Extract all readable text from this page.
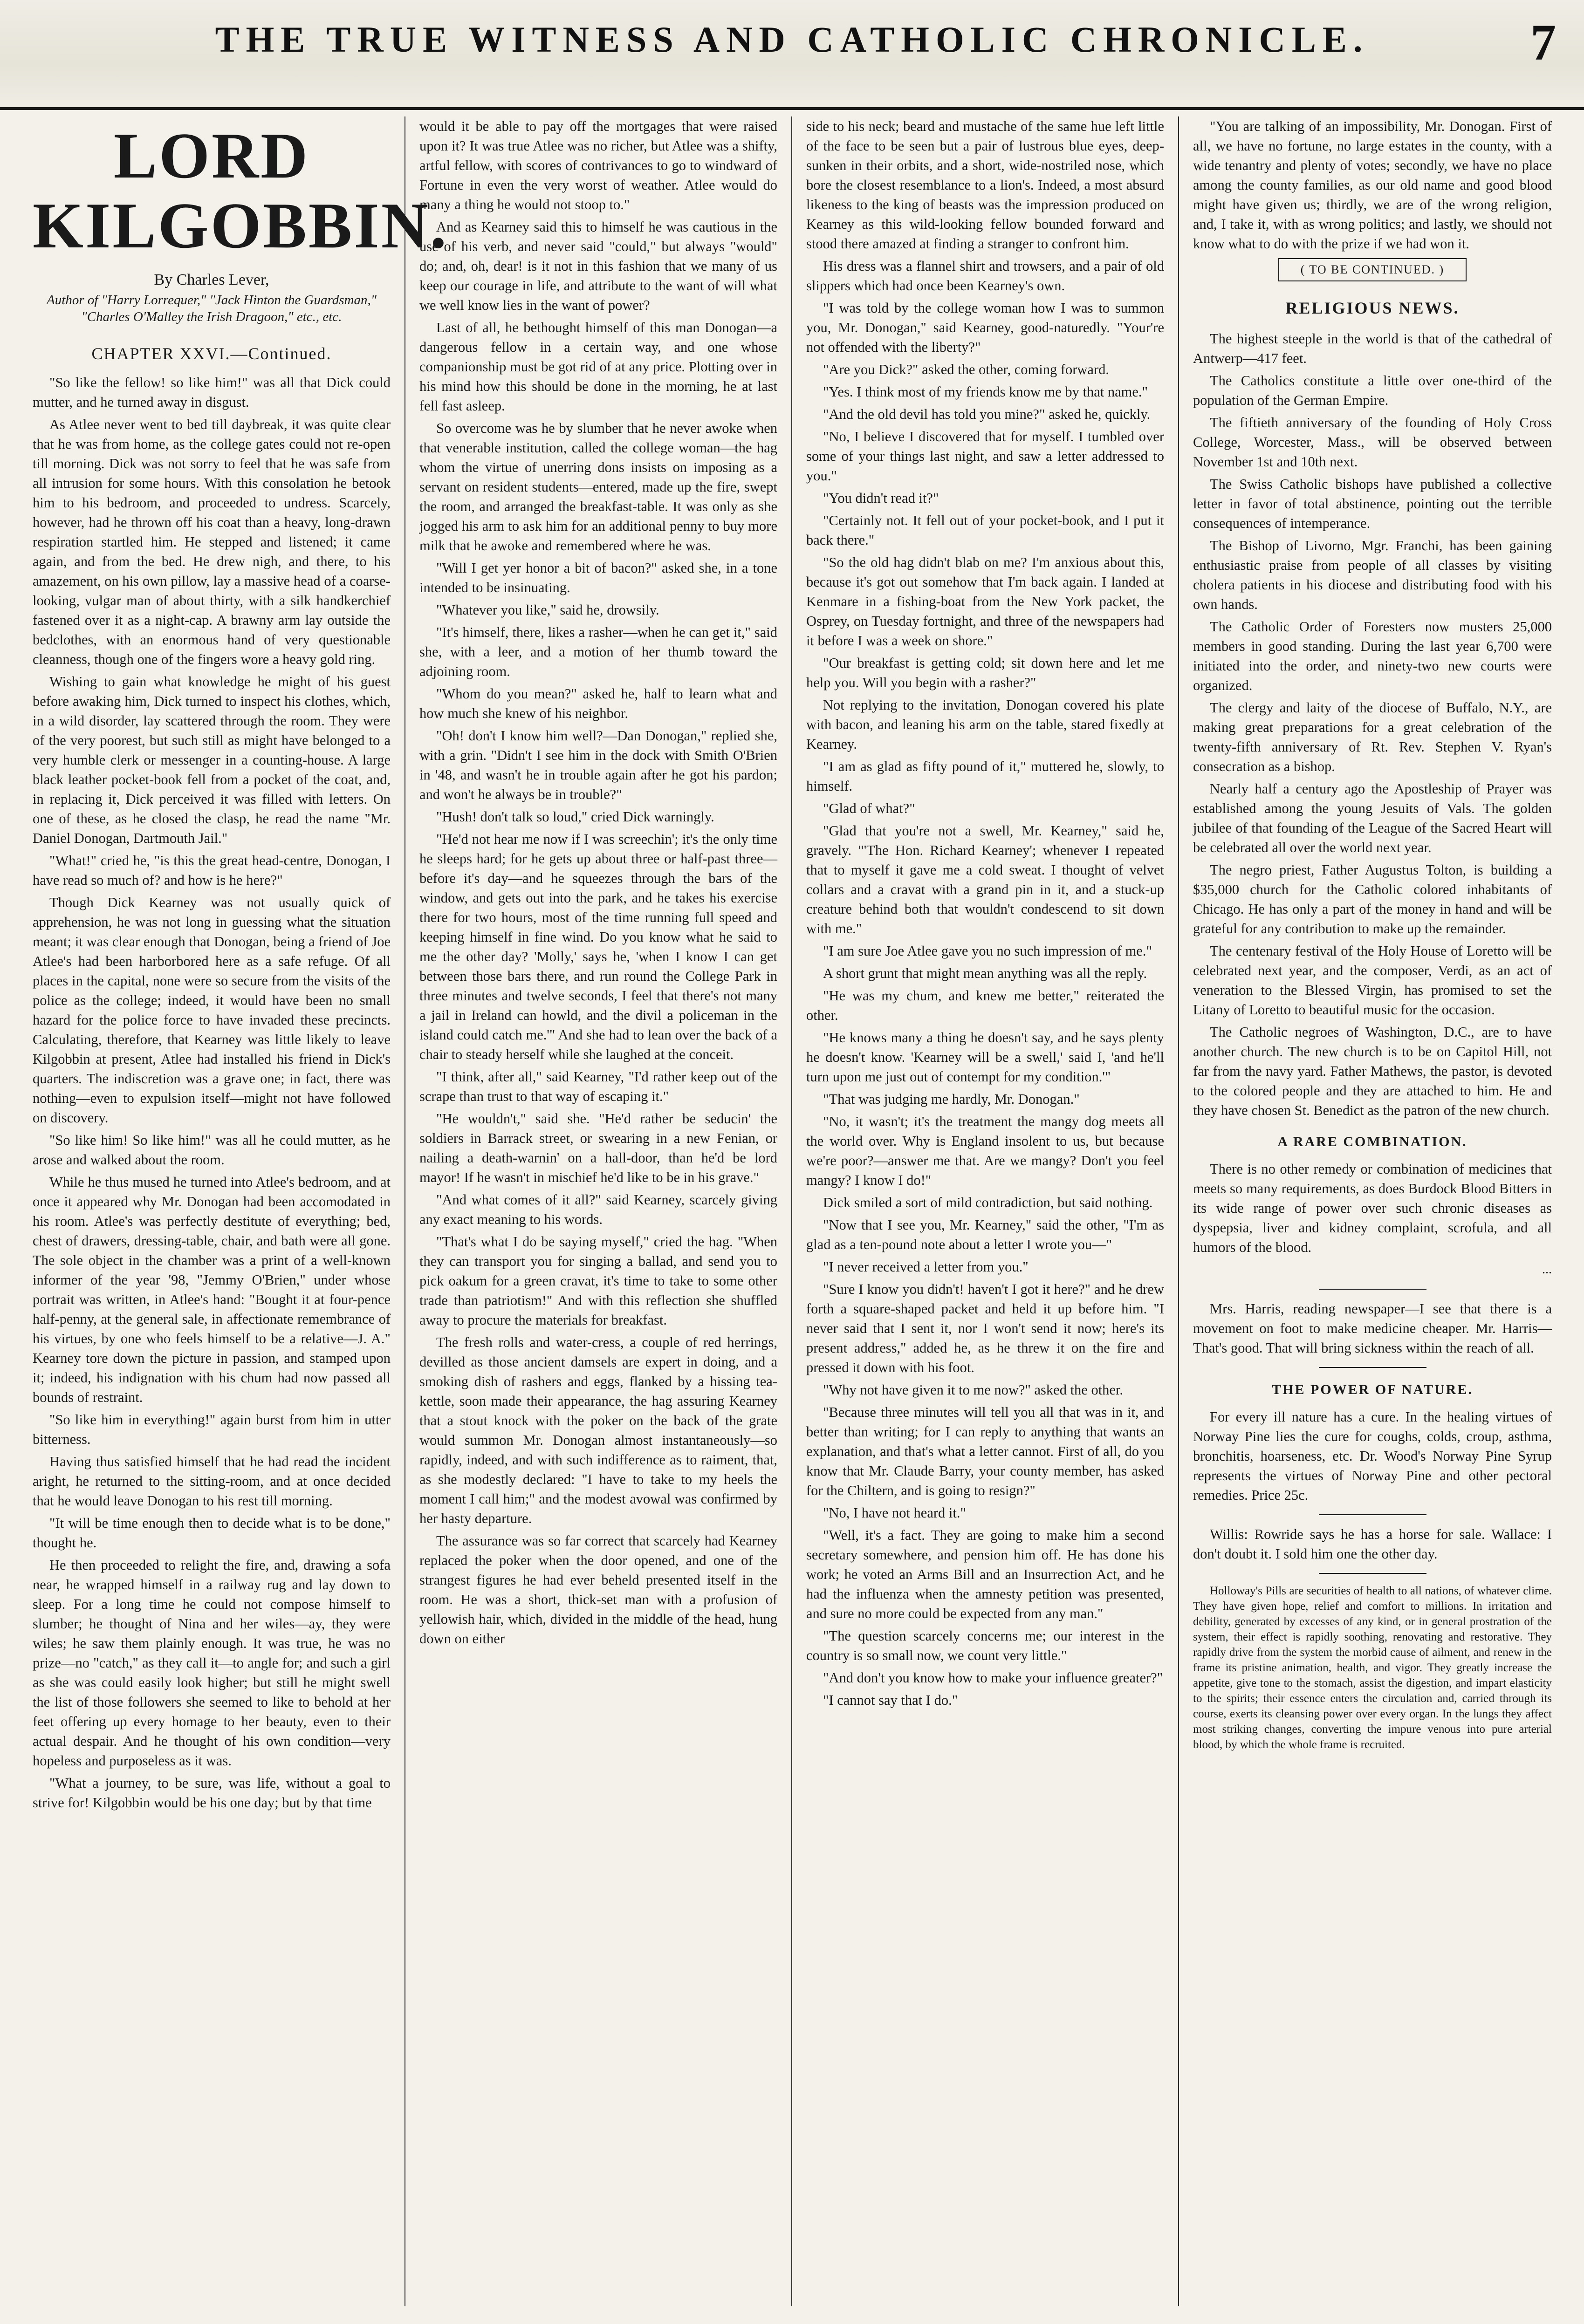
THE TRUE WITNESS AND CATHOLIC CHRONICLE.	7
LORD KILGOBBIN.
By Charles Lever,
Author of "Harry Lorrequer," "Jack Hinton the Guardsman," "Charles O'Malley the Irish Dragoon," etc., etc.
CHAPTER XXVI.—Continued.

"So like the fellow! so like him!" was all that Dick could mutter, and he turned away in disgust.

As Atlee never went to bed till daybreak, it was quite clear that he was from home, as the college gates could not re-open till morning. Dick was not sorry to feel that he was safe from all intrusion for some hours. With this consolation he betook him to his bedroom, and proceeded to undress. Scarcely, however, had he thrown off his coat than a heavy, long-drawn respiration startled him. He stepped and listened; it came again, and from the bed. He drew nigh, and there, to his amazement, on his own pillow, lay a massive head of a coarse-looking, vulgar man of about thirty, with a silk handkerchief fastened over it as a night-cap. A brawny arm lay outside the bedclothes, with an enormous hand of very questionable cleanness, though one of the fingers wore a heavy gold ring.

Wishing to gain what knowledge he might of his guest before awaking him, Dick turned to inspect his clothes, which, in a wild disorder, lay scattered through the room. They were of the very poorest, but such still as might have belonged to a very humble clerk or messenger in a counting-house. A large black leather pocket-book fell from a pocket of the coat, and, in replacing it, Dick perceived it was filled with letters. On one of these, as he closed the clasp, he read the name "Mr. Daniel Donogan, Dartmouth Jail."

"What!" cried he, "is this the great head-centre, Donogan, I have read so much of? and how is he here?"

Though Dick Kearney was not usually quick of apprehension, he was not long in guessing what the situation meant; it was clear enough that Donogan, being a friend of Joe Atlee's had been harborbored here as a safe refuge. Of all places in the capital, none were so secure from the visits of the police as the college; indeed, it would have been no small hazard for the police force to have invaded these precincts. Calculating, therefore, that Kearney was little likely to leave Kilgobbin at present, Atlee had installed his friend in Dick's quarters. The indiscretion was a grave one; in fact, there was nothing—even to expulsion itself—might not have followed on discovery.

"So like him! So like him!" was all he could mutter, as he arose and walked about the room.

While he thus mused he turned into Atlee's bedroom, and at once it appeared why Mr. Donogan had been accomodated in his room. Atlee's was perfectly destitute of everything; bed, chest of drawers, dressing-table, chair, and bath were all gone. The sole object in the chamber was a print of a well-known informer of the year '98, "Jemmy O'Brien," under whose portrait was written, in Atlee's hand: "Bought it at four-pence half-penny, at the general sale, in affectionate remembrance of his virtues, by one who feels himself to be a relative—J. A." Kearney tore down the picture in passion, and stamped upon it; indeed, his indignation with his chum had now passed all bounds of restraint.

"So like him in everything!" again burst from him in utter bitterness.

Having thus satisfied himself that he had read the incident aright, he returned to the sitting-room, and at once decided that he would leave Donogan to his rest till morning.

"It will be time enough then to decide what is to be done," thought he.

He then proceeded to relight the fire, and, drawing a sofa near, he wrapped himself in a railway rug and lay down to sleep. For a long time he could not compose himself to slumber; he thought of Nina and her wiles—ay, they were wiles; he saw them plainly enough. It was true, he was no prize—no "catch," as they call it—to angle for; and such a girl as she was could easily look higher; but still he might swell the list of those followers she seemed to like to behold at her feet offering up every homage to her beauty, even to their actual despair. And he thought of his own condition—very hopeless and purposeless as it was.

"What a journey, to be sure, was life, without a goal to strive for! Kilgobbin would be his one day; but by that time

would it be able to pay off the mortgages that were raised upon it? It was true Atlee was no richer, but Atlee was a shifty, artful fellow, with scores of contrivances to go to windward of Fortune in even the very worst of weather. Atlee would do many a thing he would not stoop to."

And as Kearney said this to himself he was cautious in the use of his verb, and never said "could," but always "would" do; and, oh, dear! is it not in this fashion that we many of us keep our courage in life, and attribute to the want of will what we well know lies in the want of power?

Last of all, he bethought himself of this man Donogan—a dangerous fellow in a certain way, and one whose companionship must be got rid of at any price. Plotting over in his mind how this should be done in the morning, he at last fell fast asleep.

So overcome was he by slumber that he never awoke when that venerable institution, called the college woman—the hag whom the virtue of unerring dons insists on imposing as a servant on resident students—entered, made up the fire, swept the room, and arranged the breakfast-table. It was only as she jogged his arm to ask him for an additional penny to buy more milk that he awoke and remembered where he was.

"Will I get yer honor a bit of bacon?" asked she, in a tone intended to be insinuating.

"Whatever you like," said he, drowsily.

"It's himself, there, likes a rasher—when he can get it," said she, with a leer, and a motion of her thumb toward the adjoining room.

"Whom do you mean?" asked he, half to learn what and how much she knew of his neighbor.

"Oh! don't I know him well?—Dan Donogan," replied she, with a grin. "Didn't I see him in the dock with Smith O'Brien in '48, and wasn't he in trouble again after he got his pardon; and won't he always be in trouble?"

"Hush! don't talk so loud," cried Dick warningly.

"He'd not hear me now if I was screechin'; it's the only time he sleeps hard; for he gets up about three or half-past three—before it's day—and he squeezes through the bars of the window, and gets out into the park, and he takes his exercise there for two hours, most of the time running full speed and keeping himself in fine wind. Do you know what he said to me the other day? 'Molly,' says he, 'when I know I can get between those bars there, and run round the College Park in three minutes and twelve seconds, I feel that there's not many a jail in Ireland can howld, and the divil a policeman in the island could catch me.'" And she had to lean over the back of a chair to steady herself while she laughed at the conceit.

"I think, after all," said Kearney, "I'd rather keep out of the scrape than trust to that way of escaping it."

"He wouldn't," said she. "He'd rather be seducin' the soldiers in Barrack street, or swearing in a new Fenian, or nailing a death-warnin' on a hall-door, than he'd be lord mayor! If he wasn't in mischief he'd like to be in his grave."

"And what comes of it all?" said Kearney, scarcely giving any exact meaning to his words.

"That's what I do be saying myself," cried the hag. "When they can transport you for singing a ballad, and send you to pick oakum for a green cravat, it's time to take to some other trade than patriotism!" And with this reflection she shuffled away to procure the materials for breakfast.

The fresh rolls and water-cress, a couple of red herrings, devilled as those ancient damsels are expert in doing, and a smoking dish of rashers and eggs, flanked by a hissing tea-kettle, soon made their appearance, the hag assuring Kearney that a stout knock with the poker on the back of the grate would summon Mr. Donogan almost instantaneously—so rapidly, indeed, and with such indifference as to raiment, that, as she modestly declared: "I have to take to my heels the moment I call him;" and the modest avowal was confirmed by her hasty departure.

The assurance was so far correct that scarcely had Kearney replaced the poker when the door opened, and one of the strangest figures he had ever beheld presented itself in the room. He was a short, thick-set man with a profusion of yellowish hair, which, divided in the middle of the head, hung down on either

side to his neck; beard and mustache of the same hue left little of the face to be seen but a pair of lustrous blue eyes, deep-sunken in their orbits, and a short, wide-nostriled nose, which bore the closest resemblance to a lion's. Indeed, a most absurd likeness to the king of beasts was the impression produced on Kearney as this wild-looking fellow bounded forward and stood there amazed at finding a stranger to confront him.

His dress was a flannel shirt and trowsers, and a pair of old slippers which had once been Kearney's own.

"I was told by the college woman how I was to summon you, Mr. Donogan," said Kearney, good-naturedly. "Your're not offended with the liberty?"

"Are you Dick?" asked the other, coming forward.

"Yes. I think most of my friends know me by that name."

"And the old devil has told you mine?" asked he, quickly.

"No, I believe I discovered that for myself. I tumbled over some of your things last night, and saw a letter addressed to you."

"You didn't read it?"

"Certainly not. It fell out of your pocket-book, and I put it back there."

"So the old hag didn't blab on me? I'm anxious about this, because it's got out somehow that I'm back again. I landed at Kenmare in a fishing-boat from the New York packet, the Osprey, on Tuesday fortnight, and three of the newspapers had it before I was a week on shore."

"Our breakfast is getting cold; sit down here and let me help you. Will you begin with a rasher?"

Not replying to the invitation, Donogan covered his plate with bacon, and leaning his arm on the table, stared fixedly at Kearney.

"I am as glad as fifty pound of it," muttered he, slowly, to himself.

"Glad of what?"

"Glad that you're not a swell, Mr. Kearney," said he, gravely. "'The Hon. Richard Kearney'; whenever I repeated that to myself it gave me a cold sweat. I thought of velvet collars and a cravat with a grand pin in it, and a stuck-up creature behind both that wouldn't condescend to sit down with me."

"I am sure Joe Atlee gave you no such impression of me."

A short grunt that might mean anything was all the reply.

"He was my chum, and knew me better," reiterated the other.

"He knows many a thing he doesn't say, and he says plenty he doesn't know. 'Kearney will be a swell,' said I, 'and he'll turn upon me just out of contempt for my condition.'"

"That was judging me hardly, Mr. Donogan."

"No, it wasn't; it's the treatment the mangy dog meets all the world over. Why is England insolent to us, but because we're poor?—answer me that. Are we mangy? Don't you feel mangy? I know I do!"

Dick smiled a sort of mild contradiction, but said nothing.

"Now that I see you, Mr. Kearney," said the other, "I'm as glad as a ten-pound note about a letter I wrote you—"

"I never received a letter from you."

"Sure I know you didn't! haven't I got it here?" and he drew forth a square-shaped packet and held it up before him. "I never said that I sent it, nor I won't send it now; here's its present address," added he, as he threw it on the fire and pressed it down with his foot.

"Why not have given it to me now?" asked the other.

"Because three minutes will tell you all that was in it, and better than writing; for I can reply to anything that wants an explanation, and that's what a letter cannot. First of all, do you know that Mr. Claude Barry, your county member, has asked for the Chiltern, and is going to resign?"

"No, I have not heard it."

"Well, it's a fact. They are going to make him a second secretary somewhere, and pension him off. He has done his work; he voted an Arms Bill and an Insurrection Act, and he had the influenza when the amnesty petition was presented, and sure no more could be expected from any man."

"The question scarcely concerns me; our interest in the country is so small now, we count very little."

"And don't you know how to make your influence greater?"

"I cannot say that I do."

"You are talking of an impossibility, Mr. Donogan. First of all, we have no fortune, no large estates in the county, with a wide tenantry and plenty of votes; secondly, we have no place among the county families, as our old name and good blood might have given us; thirdly, we are of the wrong religion, and, I take it, with as wrong politics; and lastly, we should not know what to do with the prize if we had won it.

( TO BE CONTINUED. )
RELIGIOUS NEWS.

The highest steeple in the world is that of the cathedral of Antwerp—417 feet.

The Catholics constitute a little over one-third of the population of the German Empire.

The fiftieth anniversary of the founding of Holy Cross College, Worcester, Mass., will be observed between November 1st and 10th next.

The Swiss Catholic bishops have published a collective letter in favor of total abstinence, pointing out the terrible consequences of intemperance.

The Bishop of Livorno, Mgr. Franchi, has been gaining enthusiastic praise from people of all classes by visiting cholera patients in his diocese and distributing food with his own hands.

The Catholic Order of Foresters now musters 25,000 members in good standing. During the last year 6,700 were initiated into the order, and ninety-two new courts were organized.

The clergy and laity of the diocese of Buffalo, N.Y., are making great preparations for a great celebration of the twenty-fifth anniversary of Rt. Rev. Stephen V. Ryan's consecration as a bishop.

Nearly half a century ago the Apostleship of Prayer was established among the young Jesuits of Vals. The golden jubilee of that founding of the League of the Sacred Heart will be celebrated all over the world next year.

The negro priest, Father Augustus Tolton, is building a $35,000 church for the Catholic colored inhabitants of Chicago. He has only a part of the money in hand and will be grateful for any contribution to make up the remainder.

The centenary festival of the Holy House of Loretto will be celebrated next year, and the composer, Verdi, as an act of veneration to the Blessed Virgin, has promised to set the Litany of Loretto to beautiful music for the occasion.

The Catholic negroes of Washington, D.C., are to have another church. The new church is to be on Capitol Hill, not far from the navy yard. Father Mathews, the pastor, is devoted to the colored people and they are attached to him. He and they have chosen St. Benedict as the patron of the new church.

A RARE COMBINATION.

There is no other remedy or combination of medicines that meets so many requirements, as does Burdock Blood Bitters in its wide range of power over such chronic diseases as dyspepsia, liver and kidney complaint, scrofula, and all humors of the blood.

...

Mrs. Harris, reading newspaper—I see that there is a movement on foot to make medicine cheaper. Mr. Harris—That's good. That will bring sickness within the reach of all.

THE POWER OF NATURE.

For every ill nature has a cure. In the healing virtues of Norway Pine lies the cure for coughs, colds, croup, asthma, bronchitis, hoarseness, etc. Dr. Wood's Norway Pine Syrup represents the virtues of Norway Pine and other pectoral remedies. Price 25c.

Willis: Rowride says he has a horse for sale. Wallace: I don't doubt it. I sold him one the other day.

Holloway's Pills are securities of health to all nations, of whatever clime. They have given hope, relief and comfort to millions. In irritation and debility, generated by excesses of any kind, or in general prostration of the system, their effect is rapidly soothing, renovating and restorative. They rapidly drive from the system the morbid cause of ailment, and renew in the frame its pristine animation, health, and vigor. They greatly increase the appetite, give tone to the stomach, assist the digestion, and impart elasticity to the spirits; their essence enters the circulation and, carried through its course, exerts its cleansing power over every organ. In the lungs they affect most striking changes, converting the impure venous into pure arterial blood, by which the whole frame is recruited.
